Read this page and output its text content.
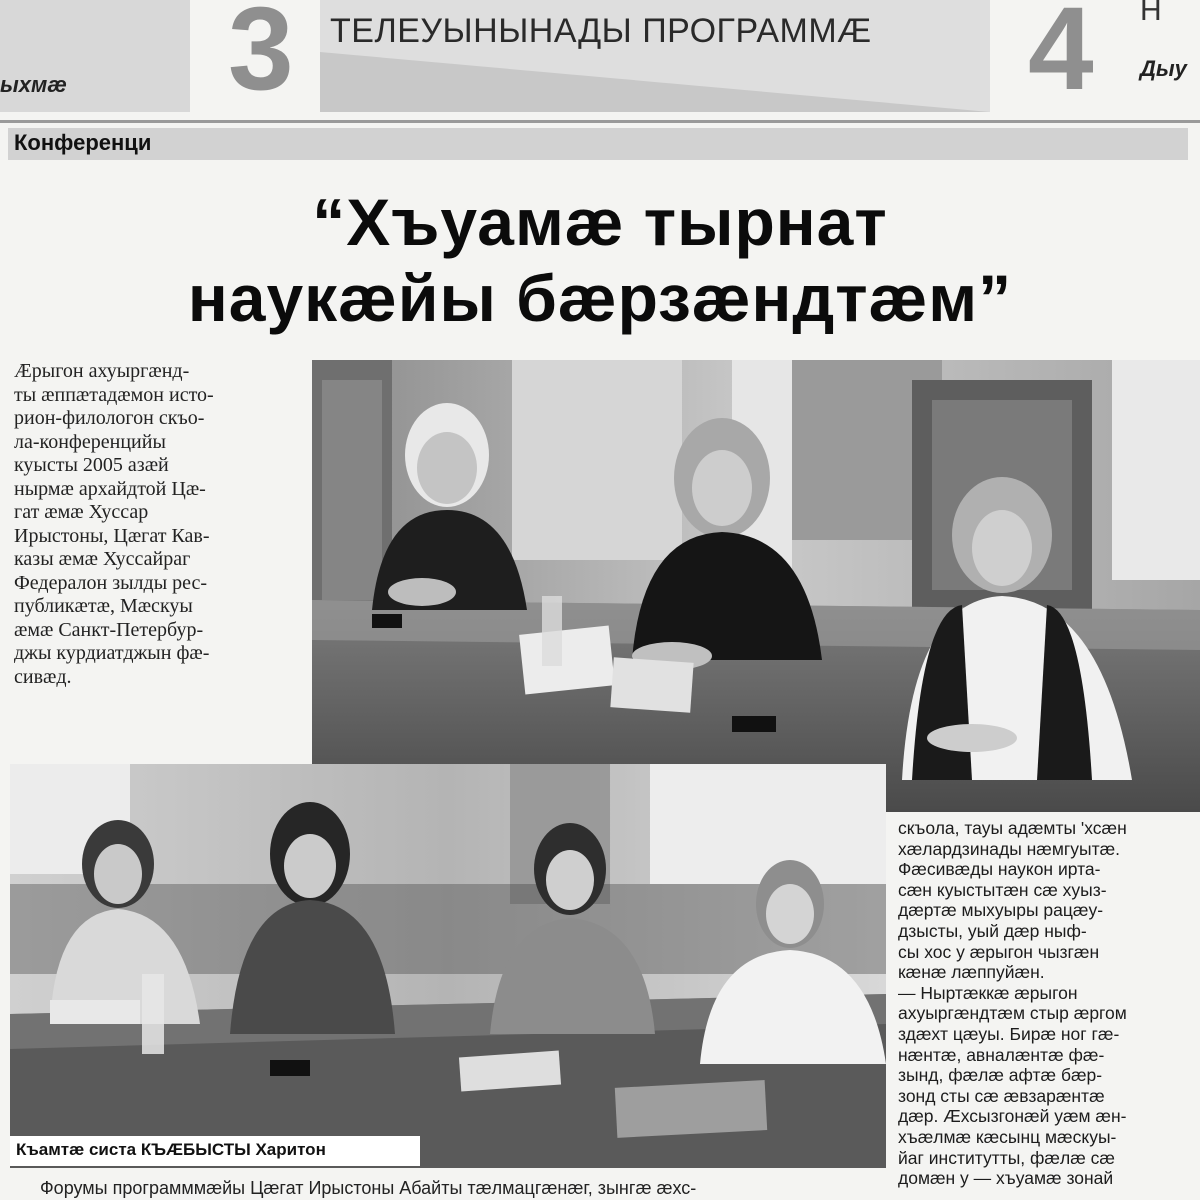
ыхмæ 3 ТЕЛЕУЫНЫНАДЫ ПРОГРАММÆ 4 Н
Дыу
Конференци
“Хъуамæ тырнат
наукæйы бæрзæндтæм”
Æрыгон ахуыргæнд-
ты æппæтадæмон исто-
рион-филологон скъо-
ла-конференцийы
куысты 2005 азæй
нырмæ архайдтой Цæ-
гат æмæ Хуссар
Ирыстоны, Цæгат Кав-
казы æмæ Хуссайраг
Федералон зылды рес-
публикæтæ, Мæскуы
æмæ Санкт-Петербур-
джы курдиатджын фæ-
сивæд.
Къамтæ систа КЪÆБЫСТЫ Харитон
скъола, тауы адæмты 'хсæн
хæлардзинады нæмгуытæ.
Фæсивæды наукон ирта-
сæн куыстытæн сæ хуыз-
дæртæ мыхуыры рацæу-
дзысты, уый дæр ныф-
сы хос у æрыгон чызгæн
кæнæ лæппуйæн.
— Ныртæккæ æрыгон
ахуыргæндтæм стыр æргом
здæхт цæуы. Бирæ ног гæ-
нæнтæ, авналæнтæ фæ-
зынд, фæлæ афтæ бæр-
зонд сты сæ æвзарæнтæ
дæр. Æхсызгонæй уæм æн-
хъæлмæ кæсынц мæскуы-
йаг институтты, фæлæ сæ
домæн у — хъуамæ зонай
Форумы программмæйы Цæгат Ирыстоны Абайты тæлмацгæнæг, зынгæ æхс-
